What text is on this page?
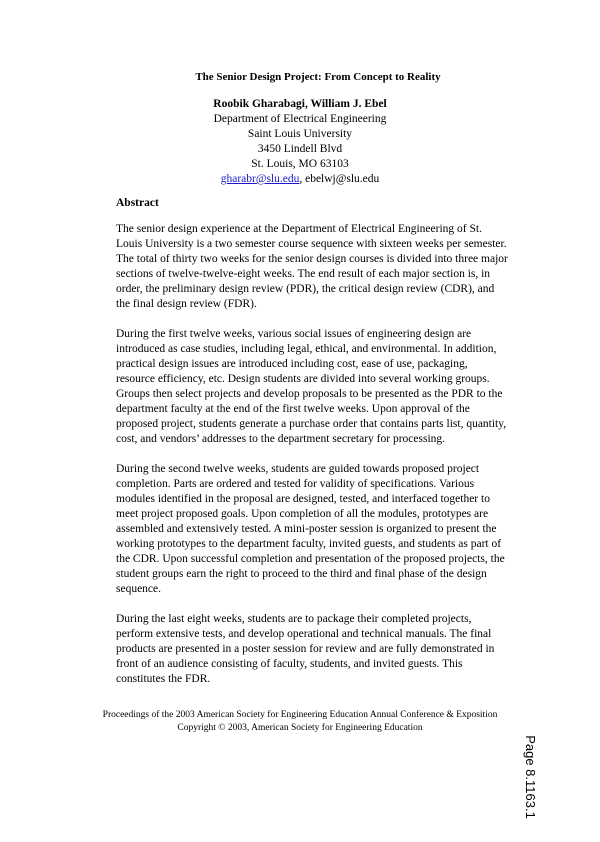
The Senior Design Project: From Concept to Reality
Roobik Gharabagi, William J. Ebel
Department of Electrical Engineering
Saint Louis University
3450 Lindell Blvd
St. Louis, MO 63103
gharabr@slu.edu, ebelwj@slu.edu
Abstract

The senior design experience at the Department of Electrical Engineering of St. Louis University is a two semester course sequence with sixteen weeks per semester. The total of thirty two weeks for the senior design courses is divided into three major sections of twelve-twelve-eight weeks. The end result of each major section is, in order, the preliminary design review (PDR), the critical design review (CDR), and the final design review (FDR).

During the first twelve weeks, various social issues of engineering design are introduced as case studies, including legal, ethical, and environmental. In addition, practical design issues are introduced including cost, ease of use, packaging, resource efficiency, etc. Design students are divided into several working groups. Groups then select projects and develop proposals to be presented as the PDR to the department faculty at the end of the first twelve weeks. Upon approval of the proposed project, students generate a purchase order that contains parts list, quantity, cost, and vendors’ addresses to the department secretary for processing.

During the second twelve weeks, students are guided towards proposed project completion. Parts are ordered and tested for validity of specifications. Various modules identified in the proposal are designed, tested, and interfaced together to meet project proposed goals. Upon completion of all the modules, prototypes are assembled and extensively tested. A mini-poster session is organized to present the working prototypes to the department faculty, invited guests, and students as part of the CDR. Upon successful completion and presentation of the proposed projects, the student groups earn the right to proceed to the third and final phase of the design sequence.

During the last eight weeks, students are to package their completed projects, perform extensive tests, and develop operational and technical manuals. The final products are presented in a poster session for review and are fully demonstrated in front of an audience consisting of faculty, students, and invited guests. This constitutes the FDR.

Proceedings of the 2003 American Society for Engineering Education Annual Conference & Exposition
Copyright © 2003, American Society for Engineering Education
Page 8.1163.1
